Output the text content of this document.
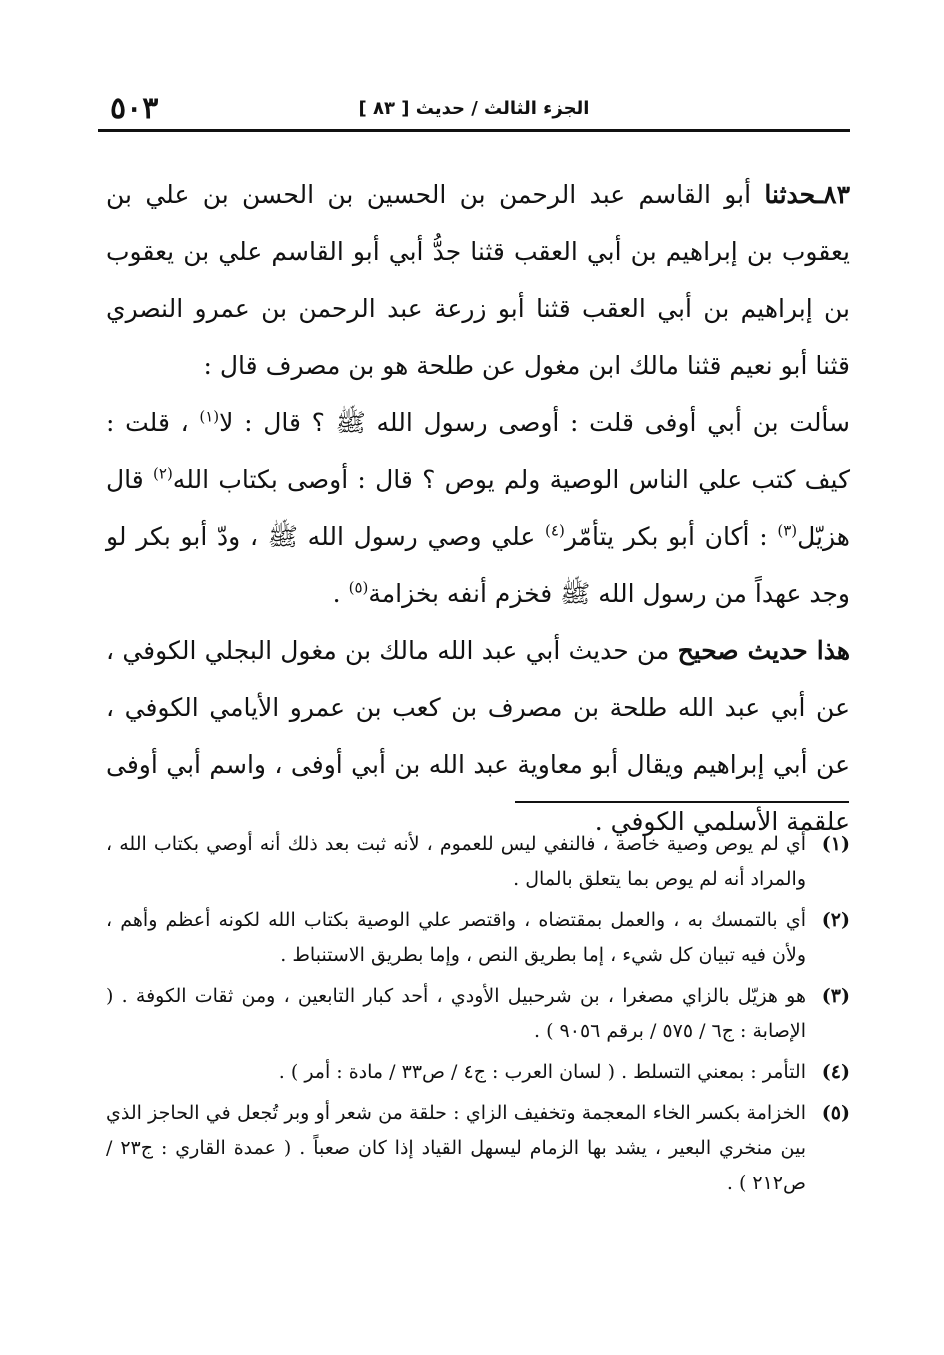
٥٠٣	الجزء الثالث / حديث [ ٨٣ ]

٨٣ـحدثنا أبو القاسم عبد الرحمن بن الحسين بن الحسن بن علي بن يعقوب بن إبراهيم بن أبي العقب قثنا جدُّ أبي أبو القاسم علي بن يعقوب بن إبراهيم بن أبي العقب قثنا أبو زرعة عبد الرحمن بن عمرو النصري قثنا أبو نعيم قثنا مالك ابن مغول عن طلحة هو بن مصرف قال :

سألت بن أبي أوفى قلت : أوصى رسول الله ﷺ ؟ قال : لا$^{(١)}$ ، قلت : كيف كتب علي الناس الوصية ولم يوص ؟ قال : أوصى بكتاب الله$^{(٢)}$ قال هزيّل$^{(٣)}$ : أكان أبو بكر يتأمّر$^{(٤)}$ علي وصي رسول الله ﷺ ، ودّ أبو بكر لو وجد عهداً من رسول الله ﷺ فخزم أنفه بخزامة$^{(٥)}$ .

هذا حديث صحيح من حديث أبي عبد الله مالك بن مغول البجلي الكوفي ، عن أبي عبد الله طلحة بن مصرف بن كعب بن عمرو الأيامي الكوفي ، عن أبي إبراهيم ويقال أبو معاوية عبد الله بن أبي أوفى ، واسم أبي أوفى علقمة الأسلمي الكوفي .

(١)
أي لم يوص وصية خاصة ، فالنفي ليس للعموم ، لأنه ثبت بعد ذلك أنه أوصي بكتاب الله ، والمراد أنه لم يوص بما يتعلق بالمال .
(٢)
أي بالتمسك به ، والعمل بمقتضاه ، واقتصر علي الوصية بكتاب الله لكونه أعظم وأهم ، ولأن فيه تبيان كل شيء ، إما بطريق النص ، وإما بطريق الاستنباط .
(٣)
هو هزيّل بالزاي مصغرا ، بن شرحبيل الأودي ، أحد كبار التابعين ، ومن ثقات الكوفة . ( الإصابة : ج٦ / ٥٧٥ / برقم ٩٠٥٦ ) .
(٤)
التأمر : بمعني التسلط . ( لسان العرب : ج٤ / ص٣٣ / مادة : أمر ) .
(٥)
الخزامة بكسر الخاء المعجمة وتخفيف الزاي : حلقة من شعر أو وبر تُجعل في الحاجز الذي بين منخري البعير ، يشد بها الزمام ليسهل القياد إذا كان صعباً . ( عمدة القاري : ج٢٣ / ص٢١٢ ) .
